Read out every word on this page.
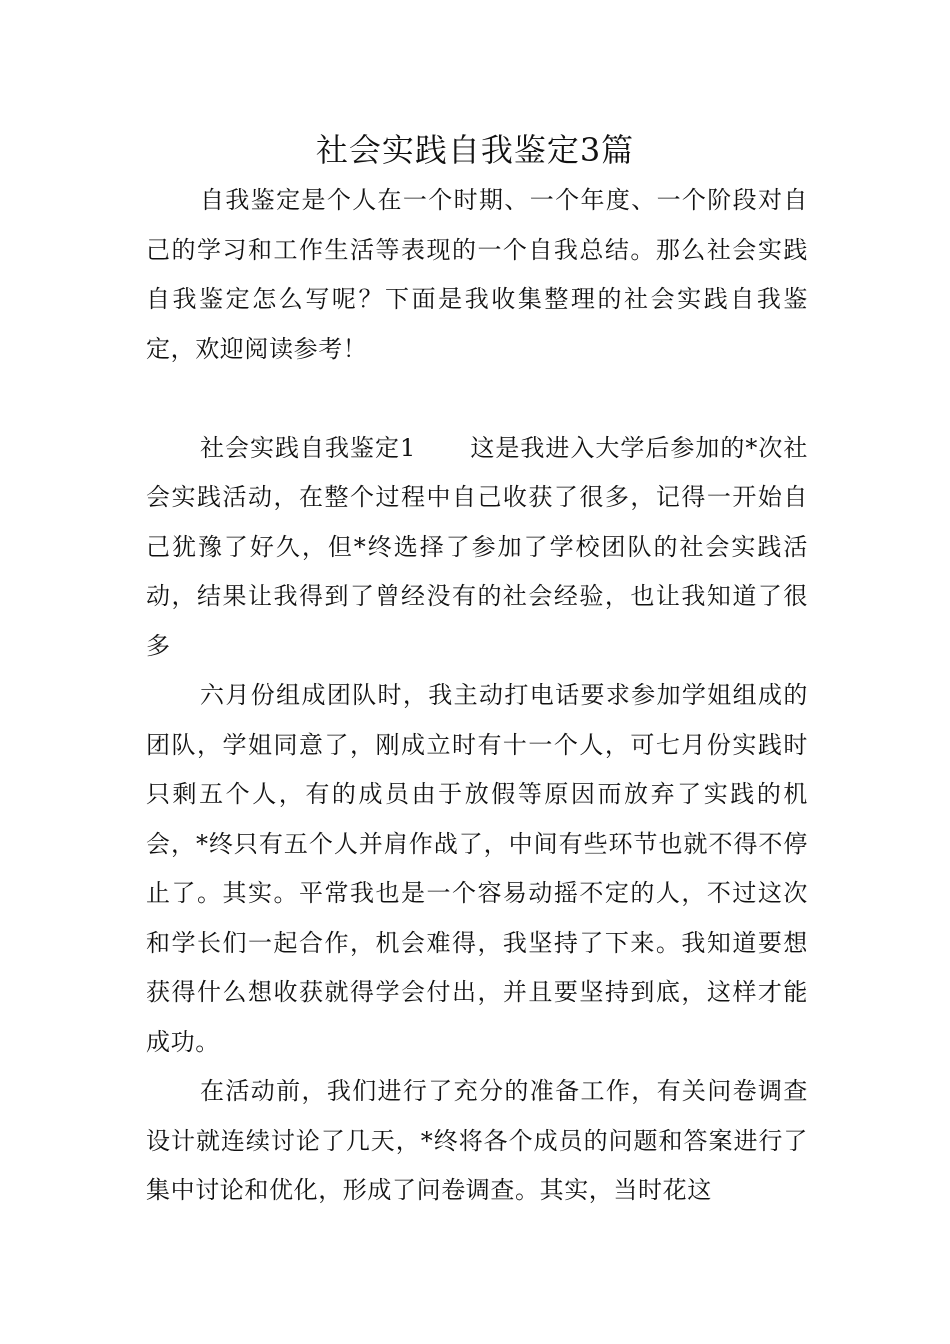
社会实践自我鉴定3篇

自我鉴定是个人在一个时期、一个年度、一个阶段对自己的学习和工作生活等表现的一个自我总结。那么社会实践自我鉴定怎么写呢？下面是我收集整理的社会实践自我鉴定，欢迎阅读参考！

社会实践自我鉴定1 这是我进入大学后参加的*次社会实践活动，在整个过程中自己收获了很多，记得一开始自己犹豫了好久，但*终选择了参加了学校团队的社会实践活动，结果让我得到了曾经没有的社会经验，也让我知道了很多

六月份组成团队时，我主动打电话要求参加学姐组成的团队，学姐同意了，刚成立时有十一个人，可七月份实践时只剩五个人，有的成员由于放假等原因而放弃了实践的机会，*终只有五个人并肩作战了，中间有些环节也就不得不停止了。其实。平常我也是一个容易动摇不定的人，不过这次和学长们一起合作，机会难得，我坚持了下来。我知道要想获得什么想收获就得学会付出，并且要坚持到底，这样才能成功。

在活动前，我们进行了充分的准备工作，有关问卷调查设计就连续讨论了几天，*终将各个成员的问题和答案进行了集中讨论和优化，形成了问卷调查。其实，当时花这
